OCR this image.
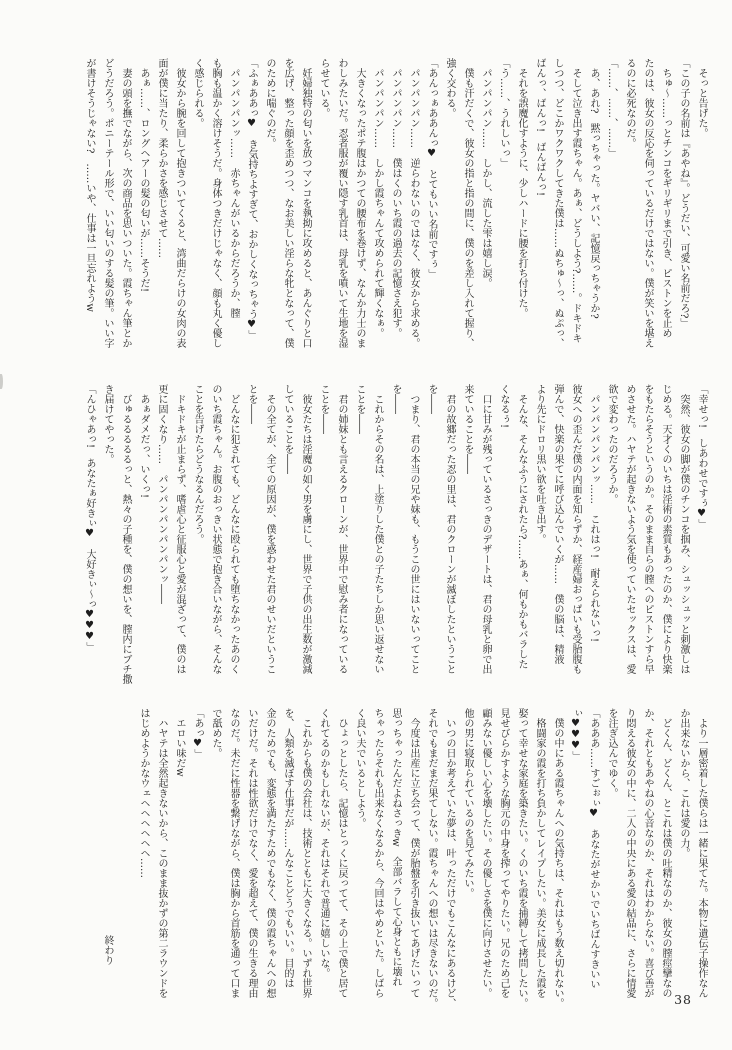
　そっと告げた。
「この子の名前は『あやね』。どうだい、可愛い名前だろ?」
　ちゅ〜……っとチンコをギリギリまで引き、ピストンを止め
たのは、彼女の反応を伺っているだけではない。僕が笑いを堪え
るのに必死なのだ。
「……、……、……」
　あ、あれ?　黙っちゃった。ヤバい、記憶戻っちゃうか?
　そして泣き出す霞ちゃん。あぁ、どうしよう?……。ドキドキ
しつつ、どこかワクワクしてきた僕は……ぬちゅ〜っ、ぬぷっ、
ばんっ、ばんっ!　ばんばんっ!
　それを誤魔化すように、少しハードに腰を打ち付けた。
「う……、うれしいっ」
　パンパンパン……　しかし、流した雫は嬉し涙。
　僕も汗だくで、彼女の指と指の間に、僕のを差し入れて握り、
強く交わる。
「あんっぁああんっ♥　とてもいい名前ですぅ」
　パンパンパン……　逆らわないのではなく、彼女から求める。
　パンパンパン……　僕はくのいち霞の過去の記憶さえ犯す。
　パンパンパン……　しかし霞ちゃんて攻められて輝くなぁ。
　大きくなったポテ腹はかつての腰布を巻けず、なんか力士のま
わしみたいだ。忍者服が覆い隠す乳首は、母乳を噴いて生地を湿
らせている。
　妊婦独特の匂いを放つマンコを執拗に攻めると、あんぐりと口
を広げ、整った顔を歪めつつ、なお美しい淫らな牝となって、僕
のために喘ぐのだ。
「ふぁああっ♥　き気持ちよすぎて、おかしくなっちゃう♥」
　パンパンパンッ……　赤ちゃんがいるからだろうか、膣
も胸も温かく溶けそうだ。身体つきだけじゃなく、顔も丸く優し
く感じられる。
　彼女から腕を回して抱きついてくると、湾曲だらけの女肉の表
面が僕に当たり、柔らかさを感じさせて……
　あぁ……、ロングヘアーの髪の匂いが……そうだ!
　妻の頭を撫でながら、次の商品を思いついた。霞ちゃん筆とか
どうだろう。ポニーテール形で、いい匂いのする髪の筆。いい字
が書けそうじゃない?　……いや、仕事は一旦忘れようw
「幸せっ!　しあわせですぅ♥」
　突然、彼女の脚が僕のチンコを掴み、シュッシュッと刺激しは
じめる。天才くのいちは淫術の素質もあったのか、僕により快楽
をもたらそうというのか。そのまま自らの膣へのピストンすら早
めさせた。ハヤテが起きないよう気を使っていたセックスは、愛
欲で変わったのだろうか。
　パンパンパンパンッ……　これはっ!　耐えられないっ!
彼女への歪んだ僕の内面を知らずか、経産婦おっぱいも受胎腹も
弾んで、快楽の果てに呼び込んでいくが……　僕の脳は、精液
より先にドロリ黒い欲を吐き出す。
　そんな、そんなふうにされたら?……あぁ、何もかもバラした
くなるぅ!
　口に甘みが残っているさっきのデザートは、君の母乳と卵で出
来ていることを――
　君の故郷だった忍の里は、君のクローンが滅ぼしたということ
を――
　つまり、君の本当の兄や妹も、もうこの世にはいないってこと
を――
　これからその名は、上塗りした僕との子たちしか思い返せない
ことを――
　君の姉妹とも言えるクローンが、世界中で慰み者になっている
ことを――
　彼女たちは淫魔の如く男を虜にし、世界で子供の出生数が激減
していることを――
　その全てが、全ての原因が、僕を惑わせた君のせいだというこ
とを――
　どんなに犯されても、どんなに殴られても堕ちなかったあのく
のいち霞ちゃん。お腹のおっきい状態で抱き合いながら、そんな
ことを告げたらどうなるんだろう。
　ドキドキが止まらず、嗜虐心と征服心と愛が混ざって、僕のは
更に固くなり……　パンパンパンパンパンッ――
　あぁダメだっ、いくっ!
　びゅるるるるるっと、熱々の子種を、僕の想いを、膣内にブチ撒
き届けてやった。
「んひゃあっ!　あなたぁ好きぃ♥　大好きぃ〜っ♥♥♥」
　より一層密着した僕らは一緒に果てた。本物に遺伝子操作なん
か出来ないから、これは愛の力。
　どくん、どくん、とこれは僕の吐精なのか、彼女の膣痙攣なの
か、それともあやねの心音なのか、それはわからない。喜び善が
り悶える彼女の中に、二人の中央にある愛の結晶に、さらに情愛
を注ぎ込んでゆく。
「あああ……すごぉぃ♥　あなたがせかいでいちばんすきいい
ぃ♥♥♥」
　僕の中にある霞ちゃんへの気持ちは、それはもう数え切れない。
　格闘家の霞を打ち負かしてレイプしたい。美女に成長した霞を
娶って幸せな家庭を築きたい。くのいち霞を捕縛して拷問したい。
見せびらかすような胸元の中身を搾ってやりたい。兄のため己を
顧みない優しい心を壊したい。その優しさを僕に向けさせたい。
他の男に寝取られているのを見てみたい。
　いつの日か考えていた夢は、叶っただけでもこんなにあるけど、
それでもまだまだ果てしない。霞ちゃんへの想いは尽きないのだ。
　今度は出産に立ち会って、僕が胎盤を引き抜いてあげたいって
思っちゃったんだよねさっきw　全部バラして心身ともに壊れ
ちゃったらそれも出来なくなるから、今回はやめといた。しばら
く良い夫でいるとしよう。
　ひょっとしたら、記憶はとっくに戻ってて、その上で僕と居て
くれてるのかもしれないが、それはそれで普通に嬉しいな。
　これからも僕の会社は、技術とともに大きくなる。いずれ世界
を、人類を滅ぼす仕事だが……んなことどうでもいい。目的は
金のためでも、変態を満たすためでもなく、僕の霞ちゃんへの想
いだけだ。それは性欲だけでなく、愛を超えて、僕の生きる理由
なのだ。未だに性器を繋げながら、僕は胸から首筋を通って口ま
で舐めた。
「あっ♥」
　エロい味だw
　ハヤテは全然起きないから、このまま抜かずの第二ラウンドを
はじめようかなウェヘヘヘヘヘヘ……

終わり
38
